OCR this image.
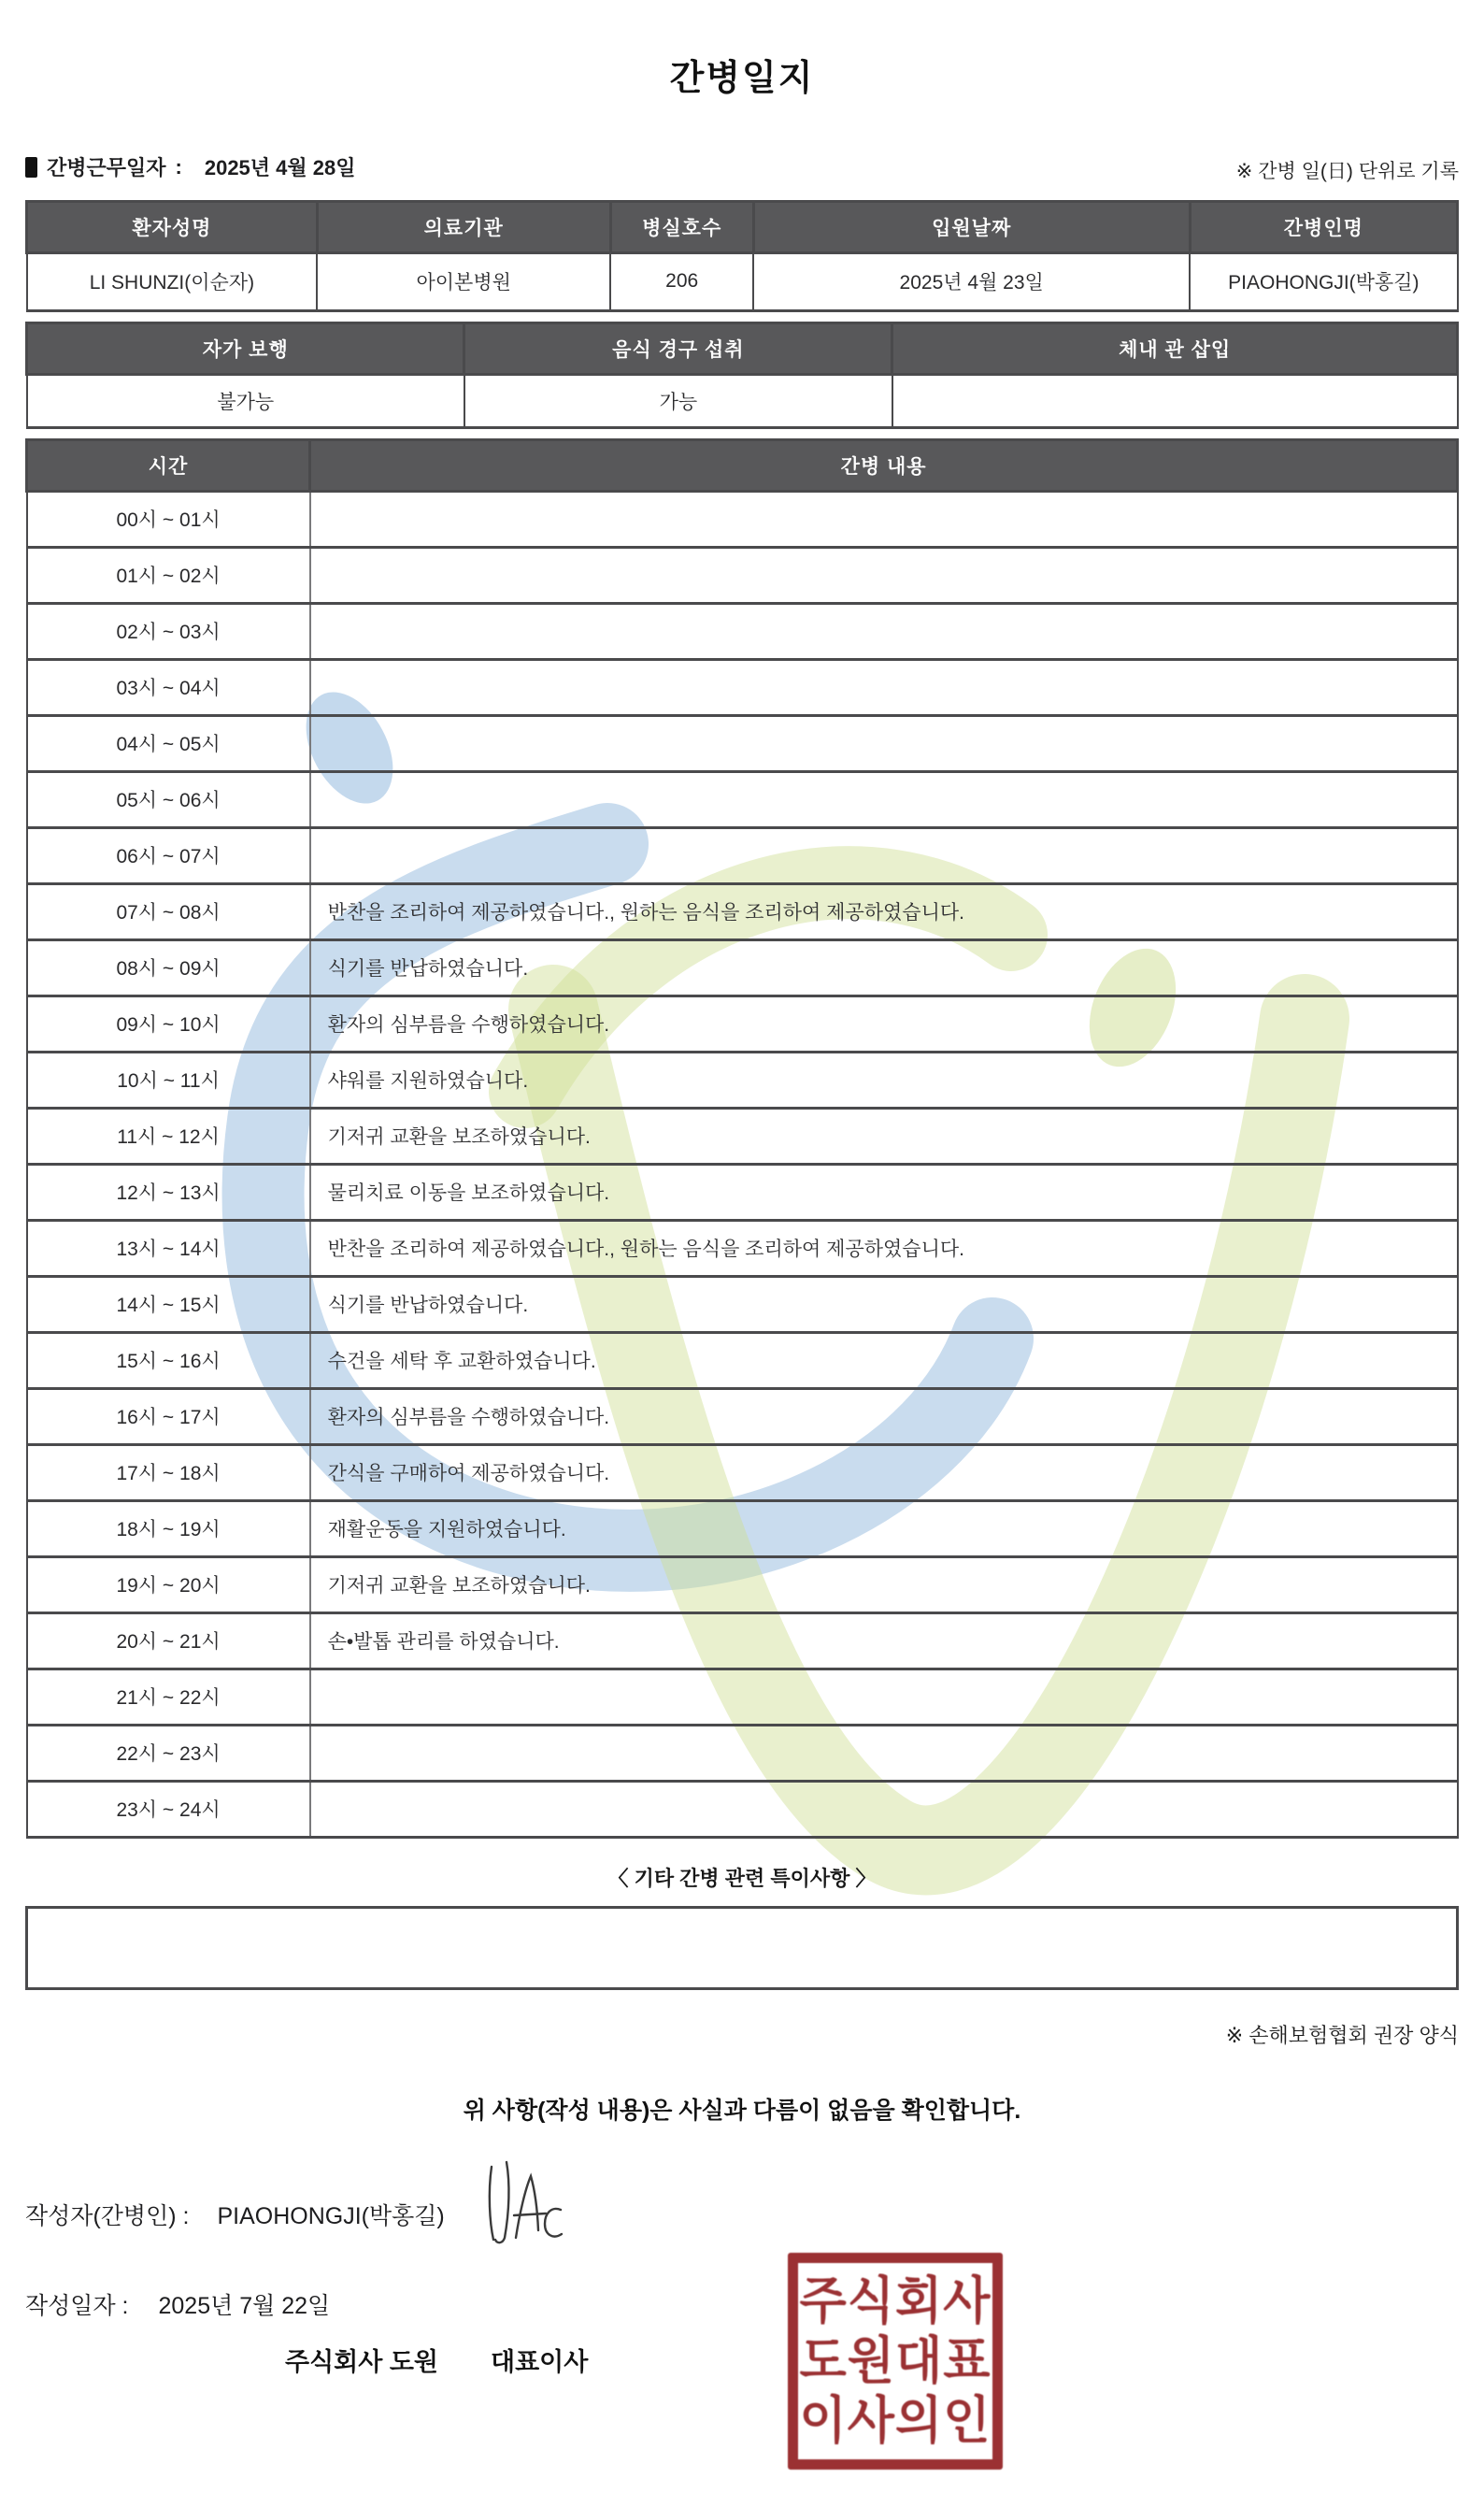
간병일지
간병근무일자 : 2025년 4월 28일	※ 간병 일(日) 단위로 기록
환자성명	의료기관	병실호수	입원날짜	간병인명
LI SHUNZI(이순자)	아이본병원	206	2025년 4월 23일	PIAOHONGJI(박홍길)
자가 보행	음식 경구 섭취	체내 관 삽입
불가능	가능	
시간	간병 내용
00시 ~ 01시	
01시 ~ 02시	
02시 ~ 03시	
03시 ~ 04시	
04시 ~ 05시	
05시 ~ 06시	
06시 ~ 07시	
07시 ~ 08시	반찬을 조리하여 제공하였습니다., 원하는 음식을 조리하여 제공하였습니다.
08시 ~ 09시	식기를 반납하였습니다.
09시 ~ 10시	환자의 심부름을 수행하였습니다.
10시 ~ 11시	샤워를 지원하였습니다.
11시 ~ 12시	기저귀 교환을 보조하였습니다.
12시 ~ 13시	물리치료 이동을 보조하였습니다.
13시 ~ 14시	반찬을 조리하여 제공하였습니다., 원하는 음식을 조리하여 제공하였습니다.
14시 ~ 15시	식기를 반납하였습니다.
15시 ~ 16시	수건을 세탁 후 교환하였습니다.
16시 ~ 17시	환자의 심부름을 수행하였습니다.
17시 ~ 18시	간식을 구매하여 제공하였습니다.
18시 ~ 19시	재활운동을 지원하였습니다.
19시 ~ 20시	기저귀 교환을 보조하였습니다.
20시 ~ 21시	손•발톱 관리를 하였습니다.
21시 ~ 22시	
22시 ~ 23시	
23시 ~ 24시	
〈 기타 간병 관련 특이사항 〉
※ 손해보험협회 권장 양식
위 사항(작성 내용)은 사실과 다름이 없음을 확인합니다.
작성자(간병인) : PIAOHONGJI(박홍길)
작성일자 : 2025년 7월 22일
주식회사 도원 대표이사
주식회사
도원대표
이사의인
